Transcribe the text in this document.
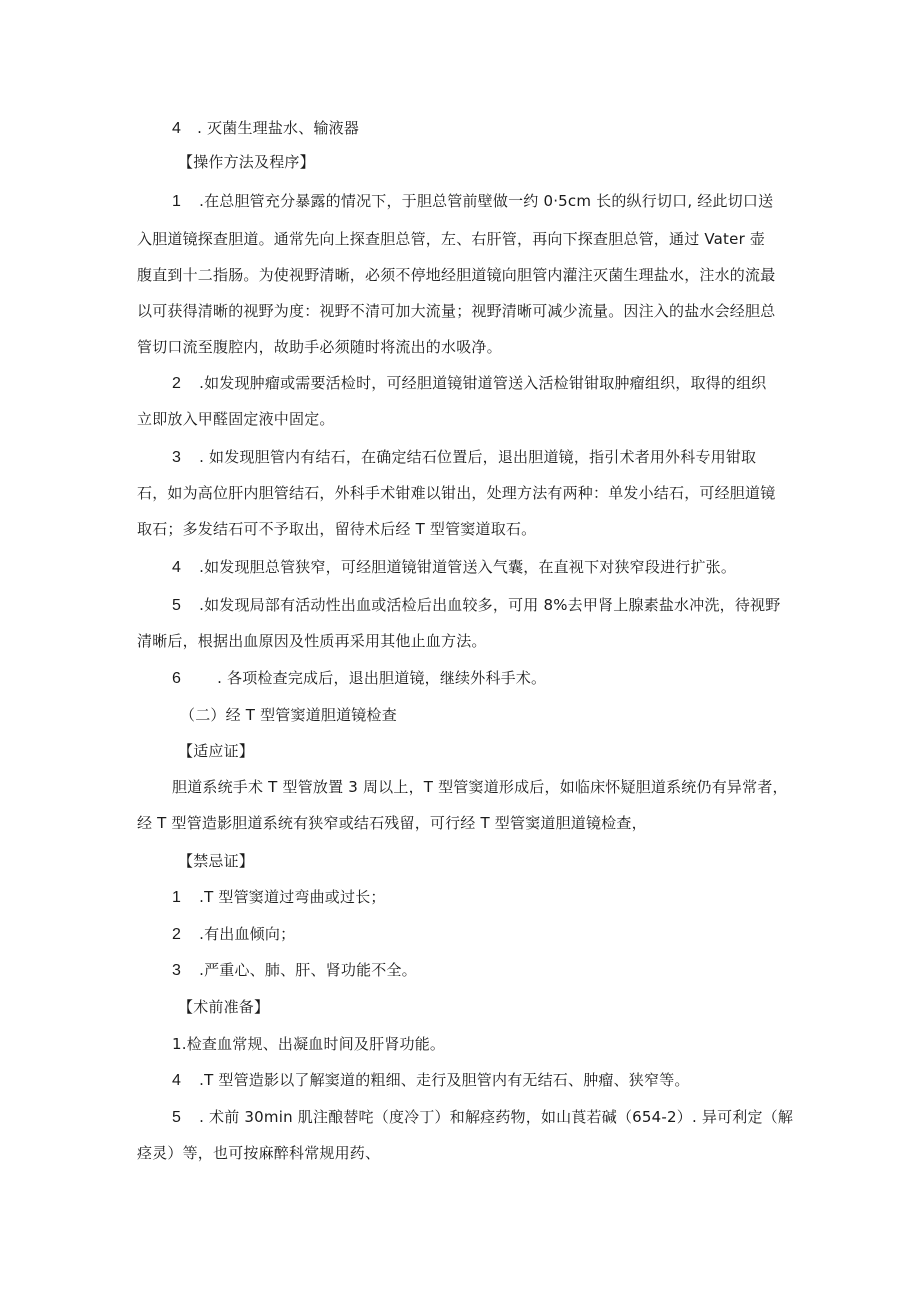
4 . 灭菌生理盐水、输液器
【操作方法及程序】
1 .在总胆管充分暴露的情况下，于胆总管前壁做一约 0·5cm 长的纵行切口, 经此切口送
入胆道镜探查胆道。通常先向上探查胆总管，左、右肝管，再向下探查胆总管，通过 Vater 壶
腹直到十二指肠。为使视野清晰，必须不停地经胆道镜向胆管内灌注灭菌生理盐水，注水的流最
以可获得清晰的视野为度：视野不清可加大流量；视野清晰可减少流量。因注入的盐水会经胆总
管切口流至腹腔内，故助手必须随时将流出的水吸净。
2 .如发现肿瘤或需要活检时，可经胆道镜钳道管送入活检钳钳取肿瘤组织，取得的组织
立即放入甲醛固定液中固定。
3 . 如发现胆管内有结石，在确定结石位置后，退出胆道镜，指引术者用外科专用钳取
石，如为高位肝内胆管结石，外科手术钳难以钳出，处理方法有两种：单发小结石，可经胆道镜
取石；多发结石可不予取出，留待术后经 T 型管窦道取石。
4 .如发现胆总管狭窄，可经胆道镜钳道管送入气囊，在直视下对狭窄段进行扩张。
5 .如发现局部有活动性出血或活检后出血较多，可用 8%去甲肾上腺素盐水冲洗，待视野
清晰后，根据出血原因及性质再采用其他止血方法。
6 . 各项检查完成后，退出胆道镜，继续外科手术。
（二）经 T 型管窦道胆道镜检查
【适应证】
胆道系统手术 T 型管放置 3 周以上，T 型管窦道形成后，如临床怀疑胆道系统仍有异常者，
经 T 型管造影胆道系统有狭窄或结石残留，可行经 T 型管窦道胆道镜检查，
【禁忌证】
1 .T 型管窦道过弯曲或过长；
2 .有出血倾向；
3 .严重心、肺、肝、肾功能不全。
【术前准备】
1.检查血常规、出凝血时间及肝肾功能。
4 .T 型管造影以了解窦道的粗细、走行及胆管内有无结石、肿瘤、狭窄等。
5 . 术前 30min 肌注酿替咤（度冷丁）和解痉药物，如山莨若碱（654-2）. 异可利定（解
痉灵）等，也可按麻醉科常规用药、
